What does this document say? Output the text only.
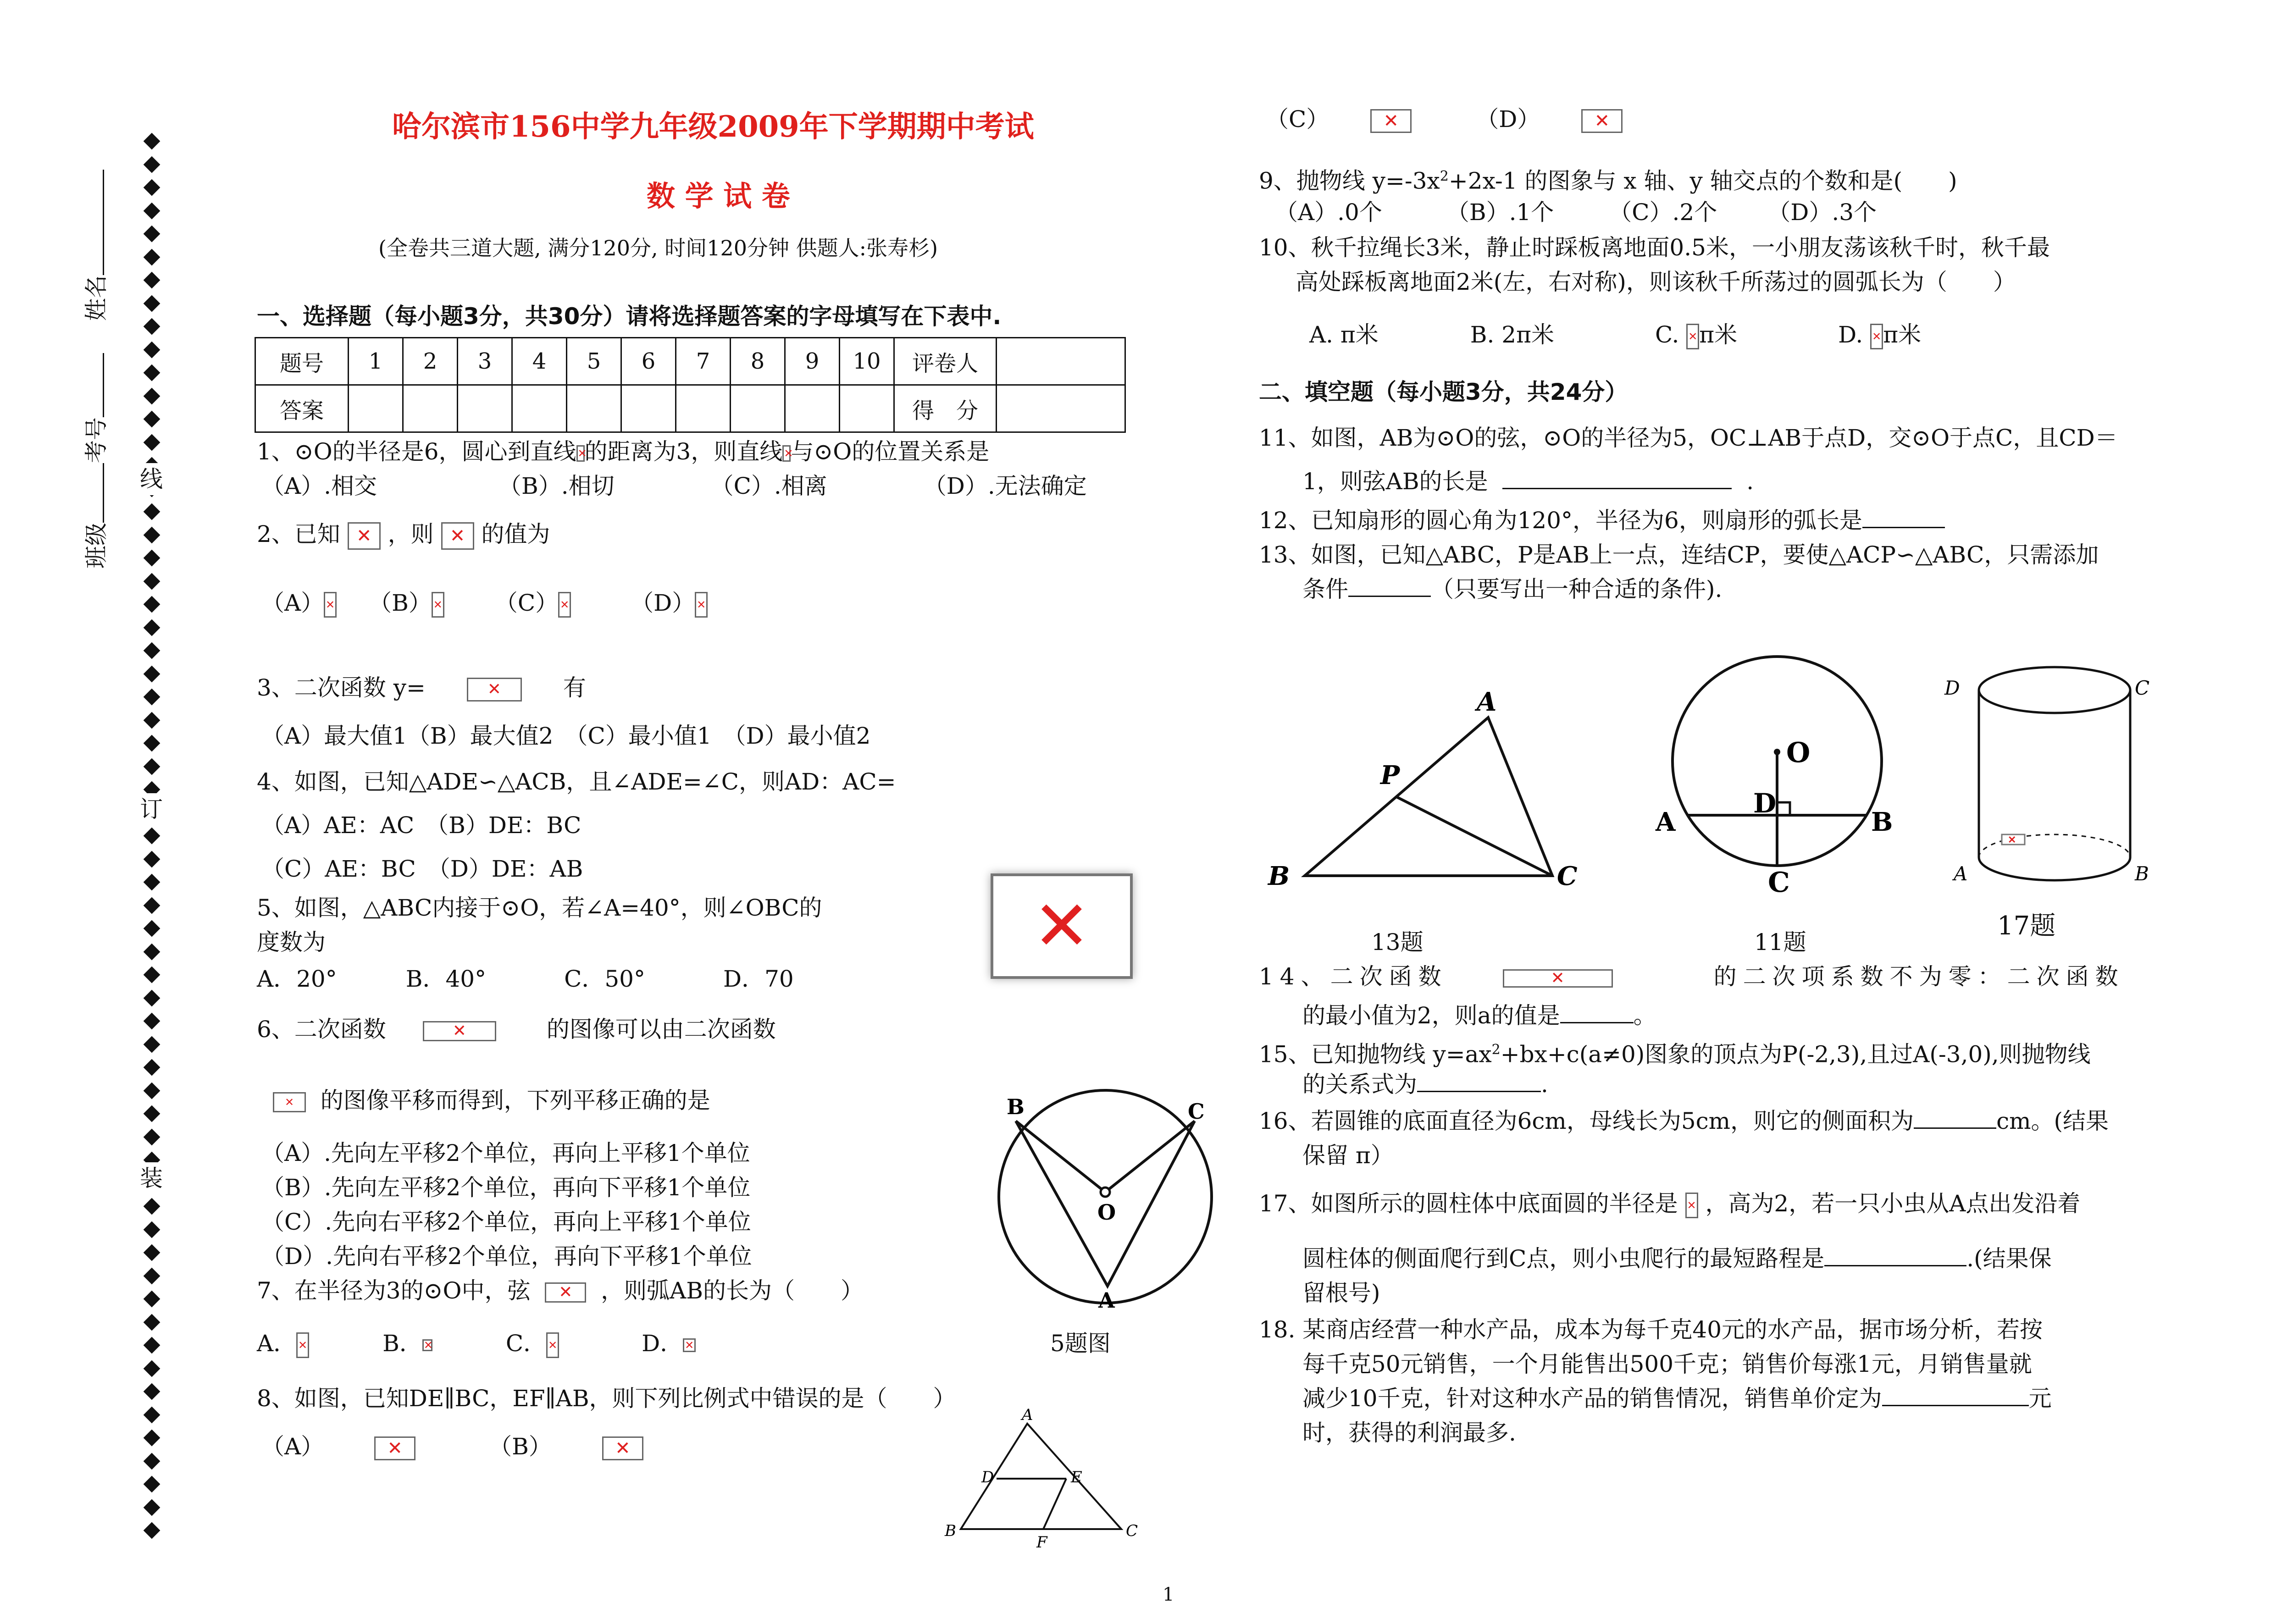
姓名
考号
班级
线
订
装
哈尔滨市156中学九年级2009年下学期期中考试
数 学 试 卷
(全卷共三道大题, 满分120分, 时间120分钟 供题人:张寿杉)
一、选择题（每小题3分，共30分）请将选择题答案的字母填写在下表中.
题号	1	2	3	4	5	6	7	8	9	10	评卷人	
答案											得　分	
1、⊙O的半径是6，圆心到直线 ✕ 的距离为3，则直线 ✕ 与⊙O的位置关系是
（A）.相交	（B）.相切	（C）.相离	（D）.无法确定
2、已知 ✕ ，则 ✕ 的值为
（A） ✕ （B） ✕	（C） ✕	（D）✕
3、二次函数 y= ✕	有
（A）最大值1（B）最大值2　（C）最小值1　（D）最小值2
4、如图，已知△ADE∽△ACB，且∠ADE=∠C，则AD：AC=
（A）AE：AC　（B）DE：BC
（C）AE：BC　（D）DE：AB
5、如图，△ABC内接于⊙O，若∠A=40°，则∠OBC的
度数为
A．20°	B．40°	C．50°	D．70
✕
6、二次函数 ✕	的图像可以由二次函数
✕  的图像平移而得到，下列平移正确的是
（A）.先向左平移2个单位，再向上平移1个单位
（B）.先向左平移2个单位，再向下平移1个单位
（C）.先向右平移2个单位，再向上平移1个单位
（D）.先向右平移2个单位，再向下平移1个单位
7、在半径为3的⊙O中，弦 ✕	，则弧AB的长为（　　）
A． ✕	B． ✕	C． ✕	D． ✕	5题图
8、如图，已知DE∥BC，EF∥AB，则下列比例式中错误的是（　　）
（A） ✕	（B）✕
B	C
O
A
A
D	E
B
F
C
（C） ✕	（D）✕
9、抛物线 $y=-3x^2+2x-1$ 的图象与 x 轴、y 轴交点的个数和是(　　)
（A）.0个	（B）.1个 （C）.2个 （D）.3个
10、秋千拉绳长3米，静止时踩板离地面0.5米，一小朋友荡该秋千时，秋千最
高处踩板离地面2米(左，右对称)，则该秋千所荡过的圆弧长为（　　）
A. π米	B. 2π米	C. ✕ π米	D. ✕ π米
二、填空题（每小题3分，共24分）
11、如图，AB为⊙O的弦，⊙O的半径为5，OC⊥AB于点D，交⊙O于点C，且CD＝
1，则弦AB的长是	.
12、已知扇形的圆心角为120°，半径为6，则扇形的弧长是
13、如图，已知△ABC，P是AB上一点，连结CP，要使△ACP∽△ABC，只需添加
条件	（只要写出一种合适的条件).
A
P
B	C
O
D
A	B
C
✕
D	C
A	B
13题	11题
17题
14、二次函数 ✕	的二次项系数不为零：二次函数
的最小值为2，则a的值是	。
15、已知抛物线 $y=ax^2+bx+c(a\ne 0)$图象的顶点为P(-2,3),且过A(-3,0),则抛物线
的关系式为	.
16、若圆锥的底面直径为6cm，母线长为5cm，则它的侧面积为	cm。(结果
保留 π）
17、如图所示的圆柱体中底面圆的半径是 ✕ ，高为2，若一只小虫从A点出发沿着
圆柱体的侧面爬行到C点，则小虫爬行的最短路程是	.(结果保
留根号)
18. 某商店经营一种水产品，成本为每千克40元的水产品，据市场分析，若按
每千克50元销售，一个月能售出500千克；销售价每涨1元，月销售量就
减少10千克，针对这种水产品的销售情况，销售单价定为	元
时，获得的利润最多.
1
